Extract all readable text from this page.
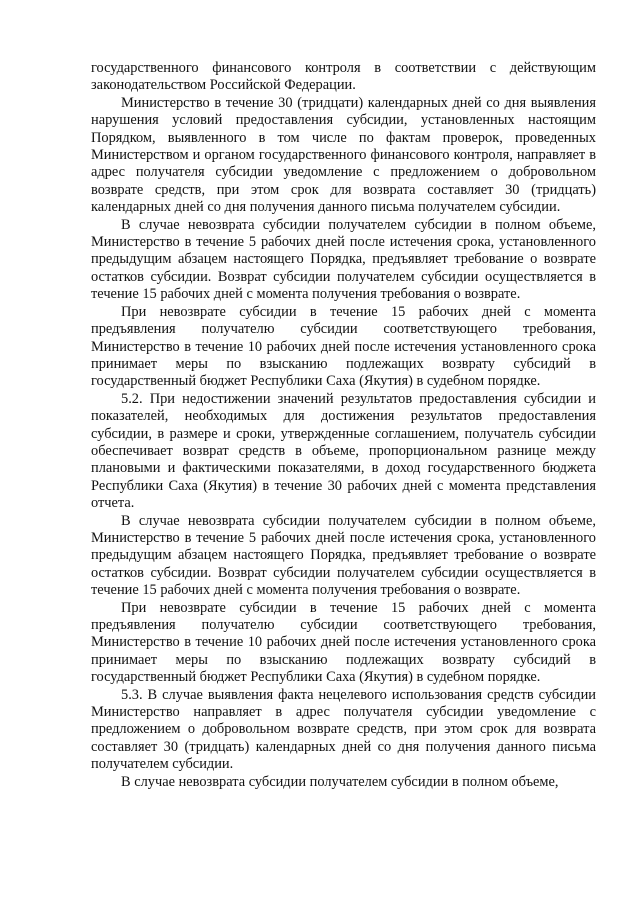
государственного финансового контроля в соответствии с действующим законодательством Российской Федерации.

Министерство в течение 30 (тридцати) календарных дней со дня выявления нарушения условий предоставления субсидии, установленных настоящим Порядком, выявленного в том числе по фактам проверок, проведенных Министерством и органом государственного финансового контроля, направляет в адрес получателя субсидии уведомление с предложением о добровольном возврате средств, при этом срок для возврата составляет 30 (тридцать) календарных дней со дня получения данного письма получателем субсидии.

В случае невозврата субсидии получателем субсидии в полном объеме, Министерство в течение 5 рабочих дней после истечения срока, установленного предыдущим абзацем настоящего Порядка, предъявляет требование о возврате остатков субсидии. Возврат субсидии получателем субсидии осуществляется в течение 15 рабочих дней с момента получения требования о возврате.

При невозврате субсидии в течение 15 рабочих дней с момента предъявления получателю субсидии соответствующего требования, Министерство в течение 10 рабочих дней после истечения установленного срока принимает меры по взысканию подлежащих возврату субсидий в государственный бюджет Республики Саха (Якутия) в судебном порядке.

5.2. При недостижении значений результатов предоставления субсидии и показателей, необходимых для достижения результатов предоставления субсидии, в размере и сроки, утвержденные соглашением, получатель субсидии обеспечивает возврат средств в объеме, пропорциональном разнице между плановыми и фактическими показателями, в доход государственного бюджета Республики Саха (Якутия) в течение 30 рабочих дней с момента представления отчета.

В случае невозврата субсидии получателем субсидии в полном объеме, Министерство в течение 5 рабочих дней после истечения срока, установленного предыдущим абзацем настоящего Порядка, предъявляет требование о возврате остатков субсидии. Возврат субсидии получателем субсидии осуществляется в течение 15 рабочих дней с момента получения требования о возврате.

При невозврате субсидии в течение 15 рабочих дней с момента предъявления получателю субсидии соответствующего требования, Министерство в течение 10 рабочих дней после истечения установленного срока принимает меры по взысканию подлежащих возврату субсидий в государственный бюджет Республики Саха (Якутия) в судебном порядке.

5.3. В случае выявления факта нецелевого использования средств субсидии Министерство направляет в адрес получателя субсидии уведомление с предложением о добровольном возврате средств, при этом срок для возврата составляет 30 (тридцать) календарных дней со дня получения данного письма получателем субсидии.

В случае невозврата субсидии получателем субсидии в полном объеме,
